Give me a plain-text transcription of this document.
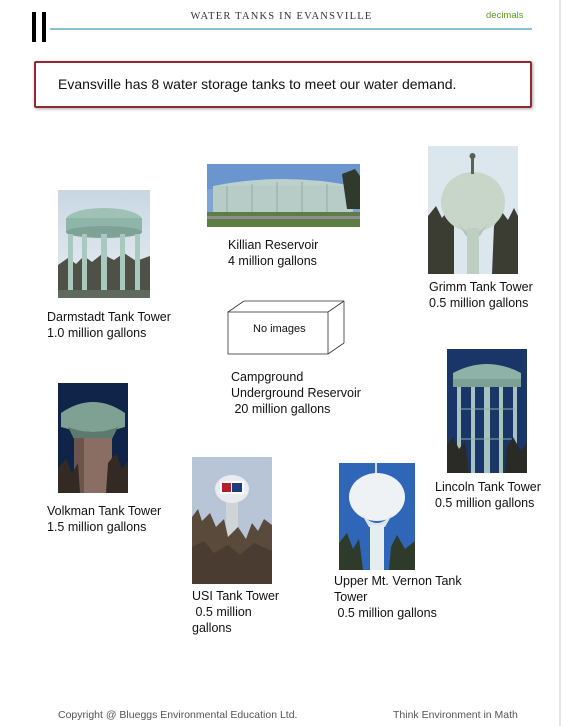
WATER TANKS IN EVANSVILLE	decimals
Evansville has 8 water storage tanks to meet our water demand.
No images
Darmstadt Tank Tower
1.0 million gallons
Killian Reservoir
4 million gallons
Grimm Tank Tower
0.5 million gallons
Campground
Underground Reservoir
20 million gallons
Volkman Tank Tower
1.5 million gallons
USI Tank Tower
0.5 million
gallons
Upper Mt. Vernon Tank
Tower
0.5 million gallons
Lincoln Tank Tower
0.5 million gallons
Copyright @ Blueggs Environmental Education Ltd.	Think Environment in Math
